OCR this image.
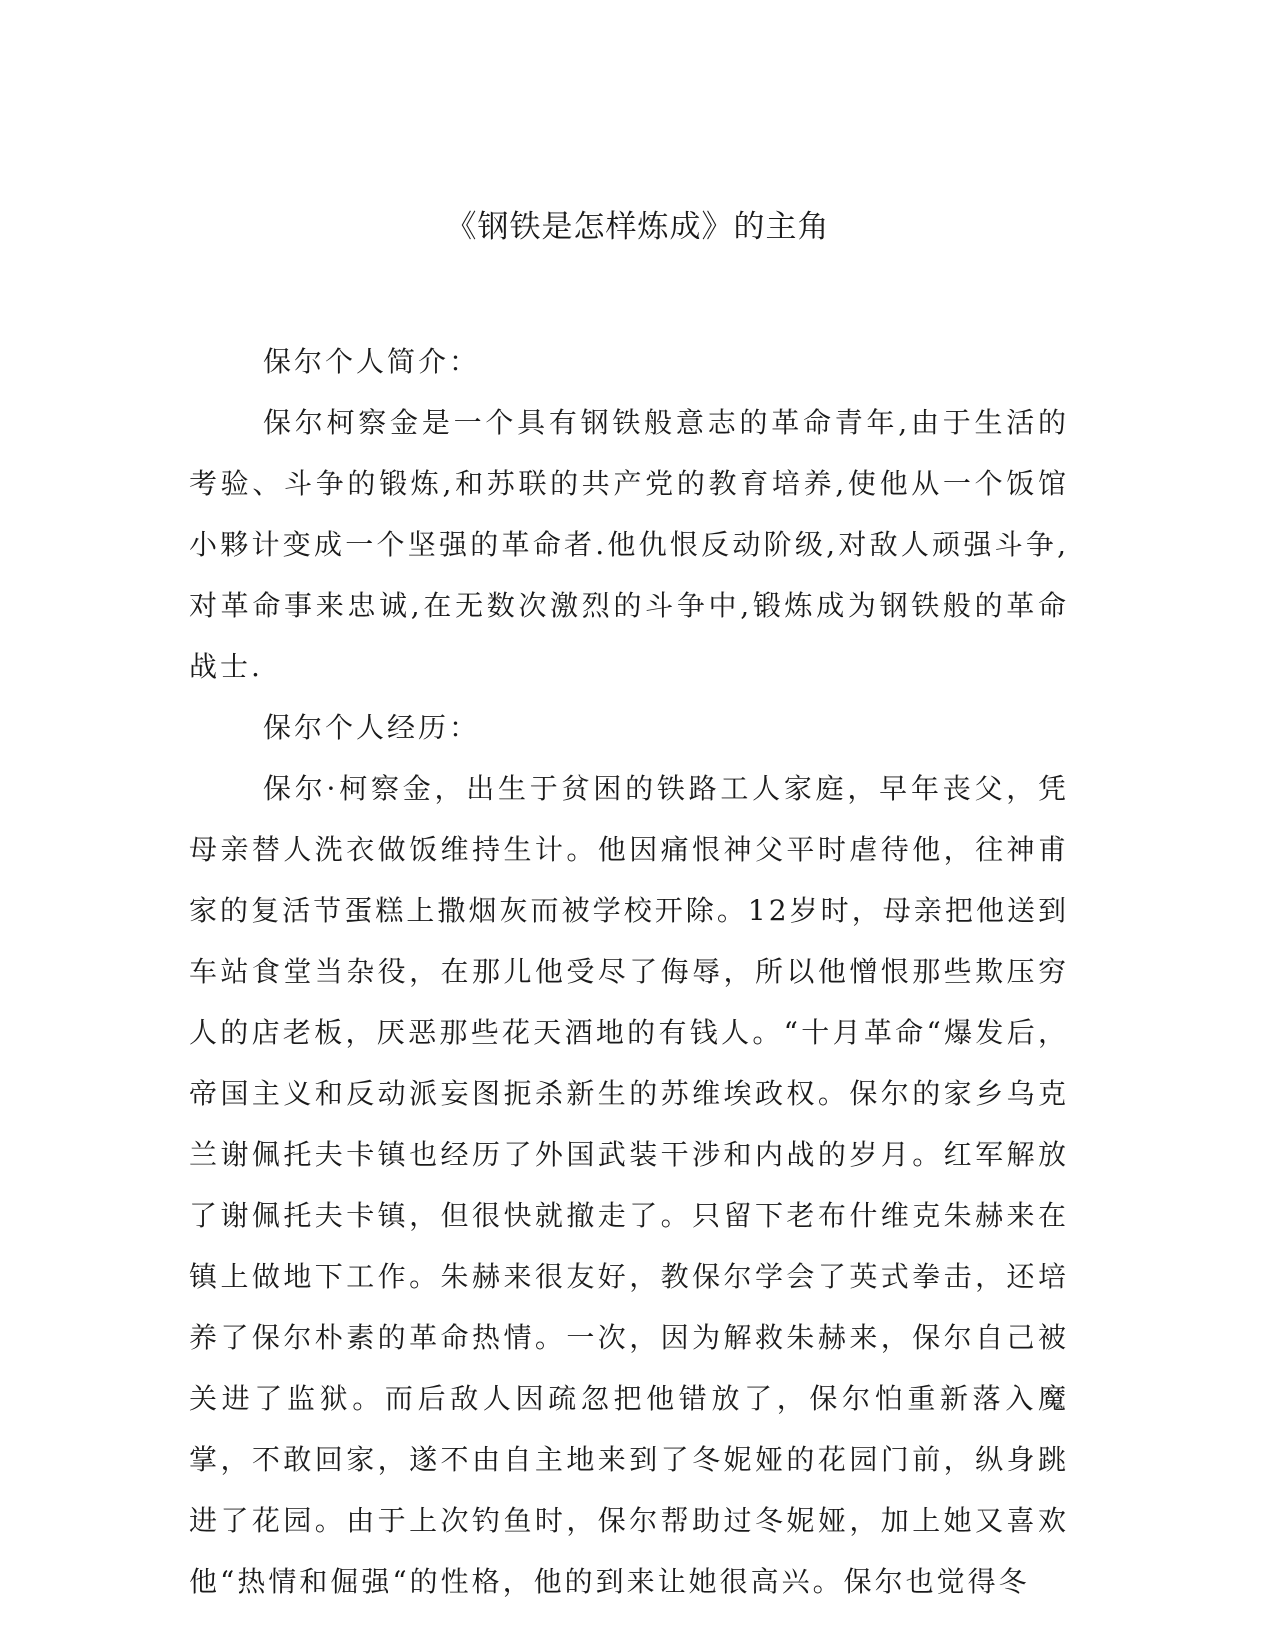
《钢铁是怎样炼成》的主角

保尔个人简介：

保尔柯察金是一个具有钢铁般意志的革命青年,由于生活的考验、斗争的锻炼,和苏联的共产党的教育培养,使他从一个饭馆小夥计变成一个坚强的革命者.他仇恨反动阶级,对敌人顽强斗争,对革命事来忠诚,在无数次激烈的斗争中,锻炼成为钢铁般的革命战士.

保尔个人经历：

保尔·柯察金，出生于贫困的铁路工人家庭，早年丧父，凭母亲替人洗衣做饭维持生计。他因痛恨神父平时虐待他，往神甫家的复活节蛋糕上撒烟灰而被学校开除。12岁时，母亲把他送到车站食堂当杂役，在那儿他受尽了侮辱，所以他憎恨那些欺压穷人的店老板，厌恶那些花天酒地的有钱人。“十月革命“爆发后，帝国主义和反动派妄图扼杀新生的苏维埃政权。保尔的家乡乌克兰谢佩托夫卡镇也经历了外国武装干涉和内战的岁月。红军解放了谢佩托夫卡镇，但很快就撤走了。只留下老布什维克朱赫来在镇上做地下工作。朱赫来很友好，教保尔学会了英式拳击，还培养了保尔朴素的革命热情。一次，因为解救朱赫来，保尔自己被关进了监狱。而后敌人因疏忽把他错放了，保尔怕重新落入魔掌，不敢回家，遂不由自主地来到了冬妮娅的花园门前，纵身跳进了花园。由于上次钓鱼时，保尔帮助过冬妮娅，加上她又喜欢他“热情和倔强“的性格，他的到来让她很高兴。保尔也觉得冬
